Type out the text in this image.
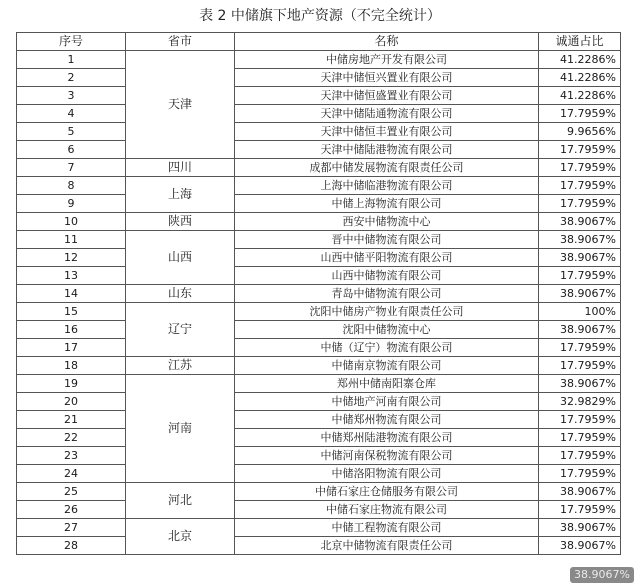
表 2 中储旗下地产资源（不完全统计）
序号	省市	名称	诚通占比
1	天津	中储房地产开发有限公司	41.2286%
2		天津中储恒兴置业有限公司	41.2286%
3		天津中储恒盛置业有限公司	41.2286%
4		天津中储陆通物流有限公司	17.7959%
5		天津中储恒丰置业有限公司	9.9656%
6		天津中储陆港物流有限公司	17.7959%
7	四川	成都中储发展物流有限责任公司	17.7959%
8	上海	上海中储临港物流有限公司	17.7959%
9		中储上海物流有限公司	17.7959%
10	陕西	西安中储物流中心	38.9067%
11	山西	晋中中储物流有限公司	38.9067%
12		山西中储平阳物流有限公司	38.9067%
13		山西中储物流有限公司	17.7959%
14	山东	青岛中储物流有限公司	38.9067%
15	辽宁	沈阳中储房产物业有限责任公司	100%
16		沈阳中储物流中心	38.9067%
17		中储（辽宁）物流有限公司	17.7959%
18	江苏	中储南京物流有限公司	17.7959%
19	河南	郑州中储南阳寨仓库	38.9067%
20		中储地产河南有限公司	32.9829%
21		中储郑州物流有限公司	17.7959%
22		中储郑州陆港物流有限公司	17.7959%
23		中储河南保税物流有限公司	17.7959%
24		中储洛阳物流有限公司	17.7959%
25	河北	中储石家庄仓储服务有限公司	38.9067%
26		中储石家庄物流有限公司	17.7959%
27	北京	中储工程物流有限公司	38.9067%
28		北京中储物流有限责任公司	38.9067%
38.9067%
